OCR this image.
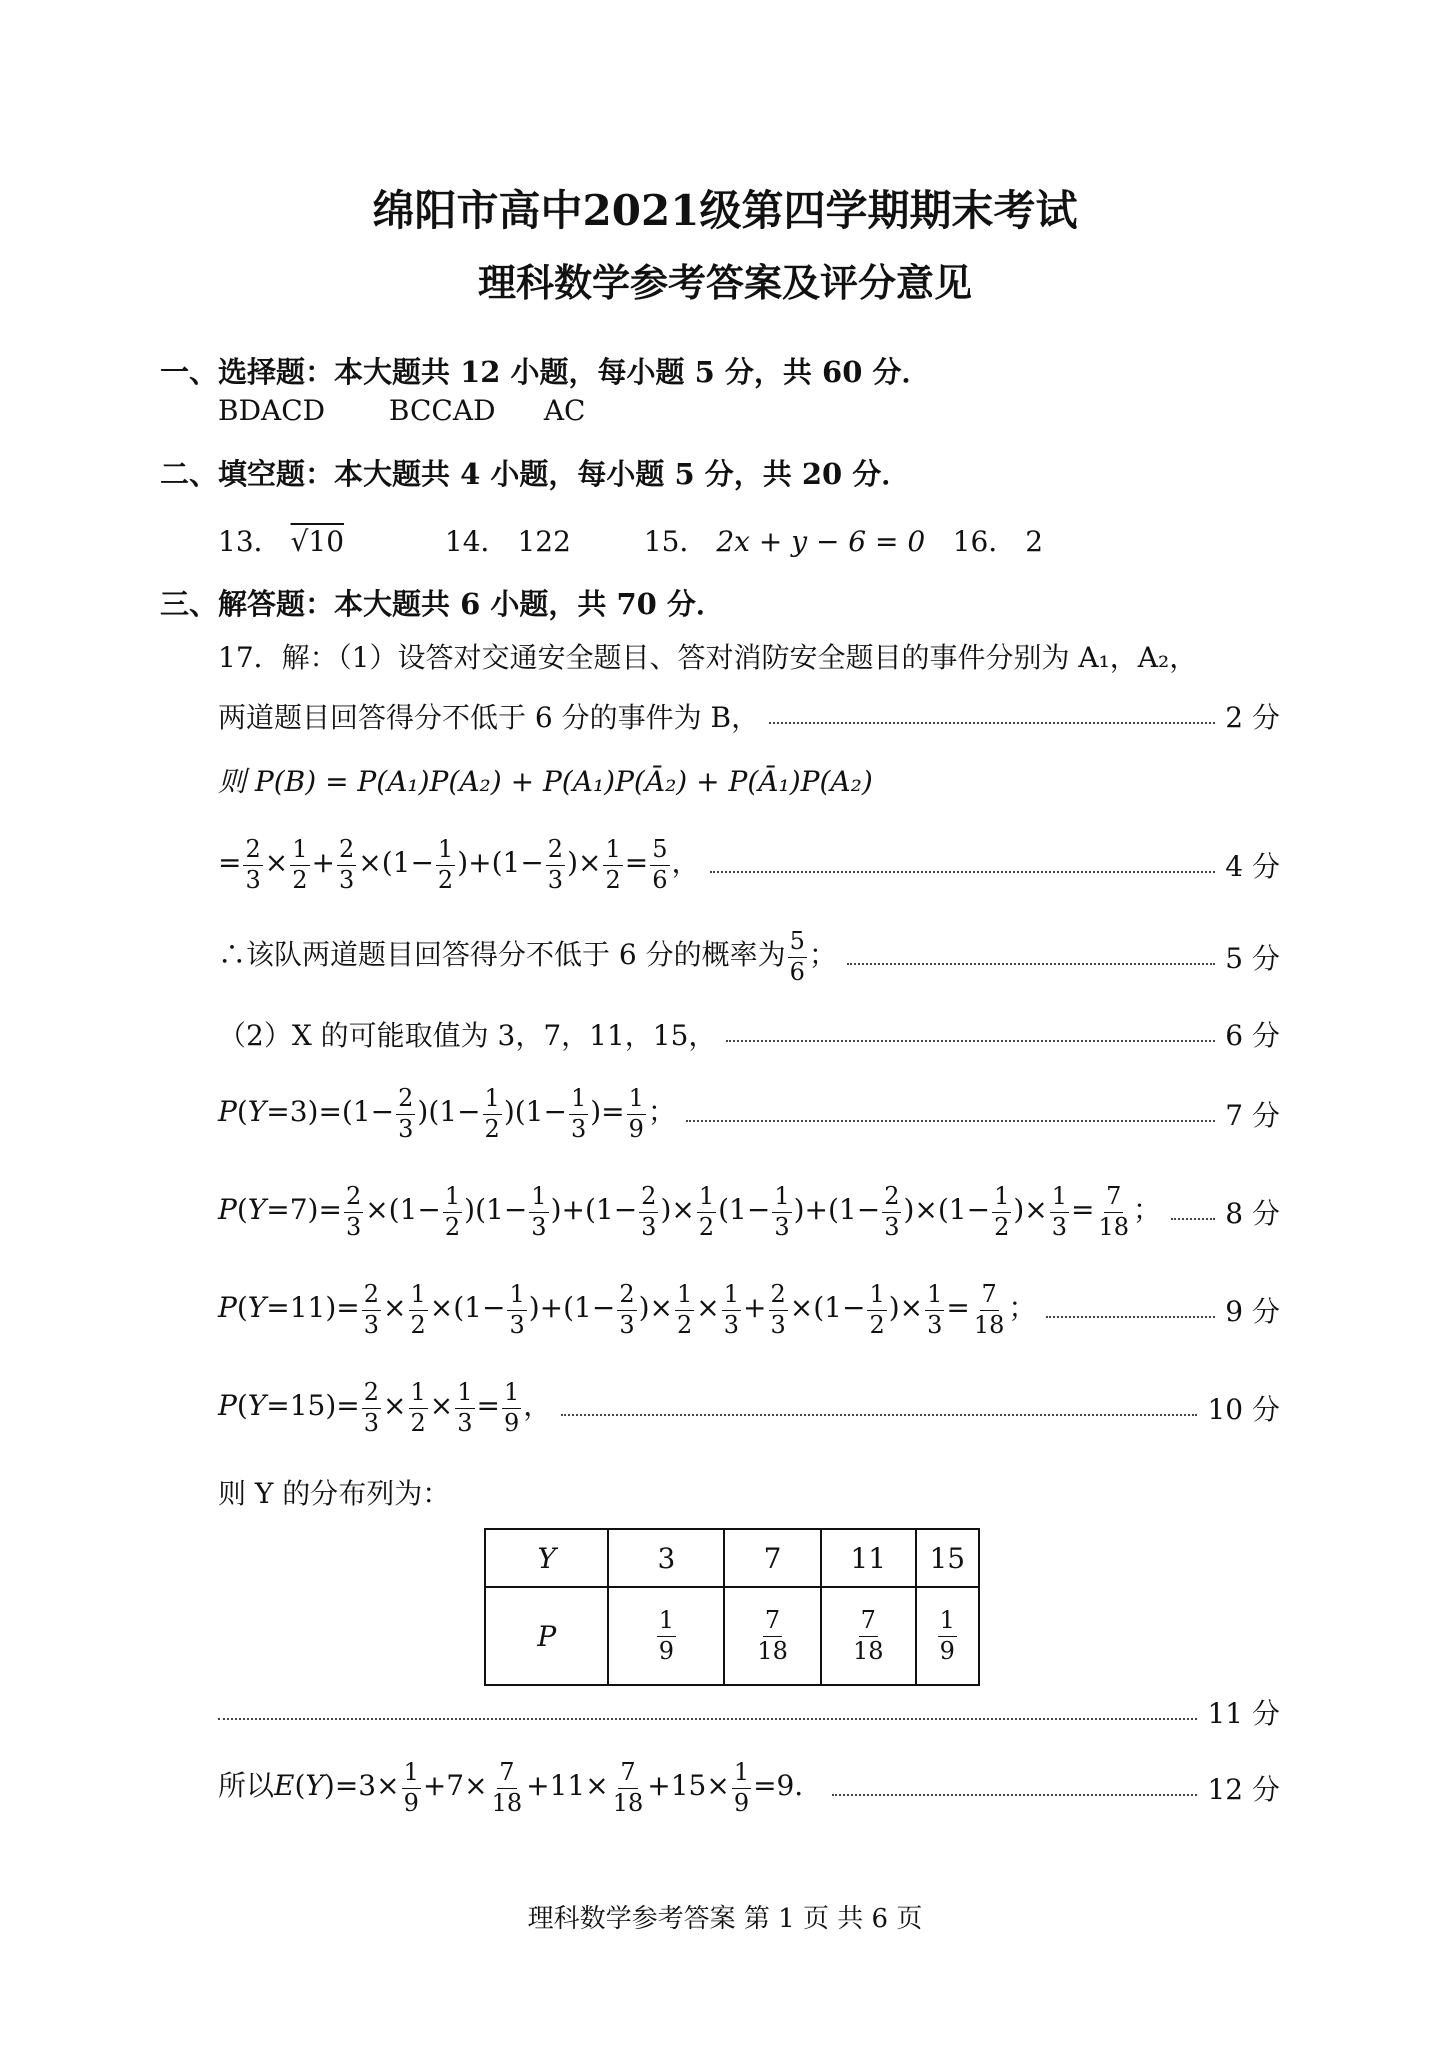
绵阳市高中2021级第四学期期末考试
理科数学参考答案及评分意见
一、选择题：本大题共 12 小题，每小题 5 分，共 60 分．
BDACD BCCAD AC
二、填空题：本大题共 4 小题，每小题 5 分，共 20 分．
13． √10	14． 122	15． 2x + y − 6 = 0 16． 2
三、解答题：本大题共 6 小题，共 70 分．
17．解：（1）设答对交通安全题目、答对消防安全题目的事件分别为 A₁，A₂，
两道题目回答得分不低于 6 分的事件为 B，	2 分
则 P(B) = P(A₁)P(A₂) + P(A₁)P(Ā₂) + P(Ā₁)P(A₂)
= $\frac{2}{3} \times \frac{1}{2} + \frac{2}{3} \times(1- \frac{1}{2} )+(1- \frac{2}{3}$ )× $\frac{1}{2} = \frac{5}{6}$ ，	4 分
∴该队两道题目回答得分不低于 6 分的概率为 $\frac{5}{6}$ ；	5 分
（2）X 的可能取值为 3，7，11，15，	6 分
$P(Y=3)=(1- \frac{2}{3} )(1- \frac{1}{2} )(1- \frac{1}{3}$ )= $\frac{1}{9}$ ；	7 分
$P(Y=7)= \frac{2}{3} \times(1- \frac{1}{2} )(1- \frac{1}{3} )+(1- \frac{2}{3}$ )× $\frac{1}{2} (1- \frac{1}{3} )+(1- \frac{2}{3} )\times(1- \frac{1}{2}$ )× $\frac{1}{3} = \frac{7}{18}$ ； 8 分
$P(Y=11)= \frac{2}{3} \times \frac{1}{2} \times(1- \frac{1}{3} )+(1- \frac{2}{3}$ )× $\frac{1}{2} \times \frac{1}{3} + \frac{2}{3} \times(1- \frac{1}{2}$ )× $\frac{1}{3} = \frac{7}{18}$ ；	9 分
$P(Y=15)= \frac{2}{3} \times \frac{1}{2} \times \frac{1}{3} = \frac{1}{9}$ ，	10 分
则 Y 的分布列为：
Y	3	7	11	15
P	$\frac{1}{9}$	$\frac{7}{18}$	$\frac{7}{18}$	$\frac{1}{9}$
11 分
所以$E(Y)=3\times \frac{1}{9} +7\times \frac{7}{18} +11\times \frac{7}{18} +15\times \frac{1}{9} =9$．	12 分
理科数学参考答案 第 1 页 共 6 页
